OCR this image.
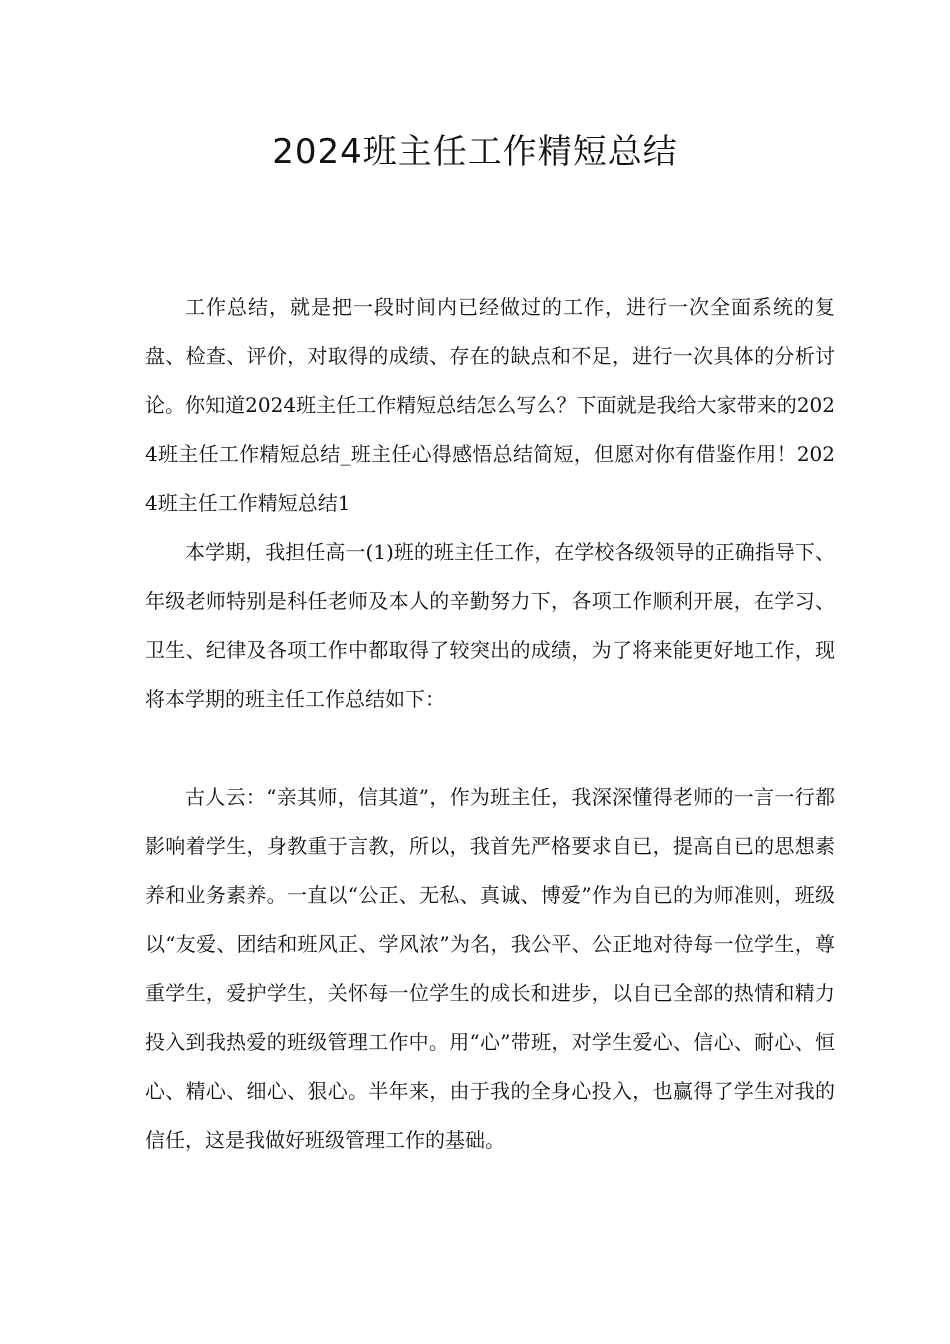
2024班主任工作精短总结

工作总结，就是把一段时间内已经做过的工作，进行一次全面系统的复盘、检查、评价，对取得的成绩、存在的缺点和不足，进行一次具体的分析讨论。你知道2024班主任工作精短总结怎么写么？下面就是我给大家带来的2024班主任工作精短总结_班主任心得感悟总结简短，但愿对你有借鉴作用！2024班主任工作精短总结1

本学期，我担任高一(1)班的班主任工作，在学校各级领导的正确指导下、年级老师特别是科任老师及本人的辛勤努力下，各项工作顺利开展，在学习、卫生、纪律及各项工作中都取得了较突出的成绩，为了将来能更好地工作，现将本学期的班主任工作总结如下：

古人云：“亲其师，信其道”，作为班主任，我深深懂得老师的一言一行都影响着学生，身教重于言教，所以，我首先严格要求自已，提高自已的思想素养和业务素养。一直以“公正、无私、真诚、博爱”作为自已的为师准则，班级以“友爱、团结和班风正、学风浓”为名，我公平、公正地对待每一位学生，尊重学生，爱护学生，关怀每一位学生的成长和进步，以自已全部的热情和精力投入到我热爱的班级管理工作中。用“心”带班，对学生爱心、信心、耐心、恒心、精心、细心、狠心。半年来，由于我的全身心投入，也赢得了学生对我的信任，这是我做好班级管理工作的基础。
